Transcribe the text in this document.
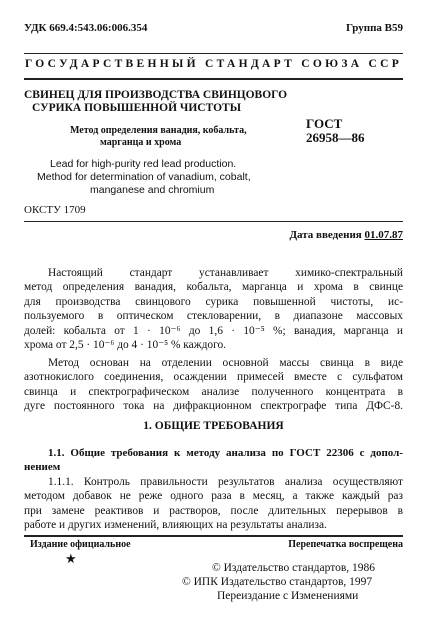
УДК 669.4:543.06:006.354	Группа В59
ГОСУДАРСТВЕННЫЙ СТАНДАРТ СОЮЗА ССР
СВИНЕЦ ДЛЯ ПРОИЗВОДСТВА СВИНЦОВОГО
СУРИКА ПОВЫШЕННОЙ ЧИСТОТЫ
Метод определения ванадия, кобальта,
марганца и хрома
ГОСТ
26958—86
Lead for high-purity red lead production.
Method for determination of vanadium, cobalt,
manganese and chromium
ОКСТУ 1709
Дата введения 01.07.87
Настоящий стандарт устанавливает химико-спектральный
метод определения ванадия, кобальта, марганца и хрома в свинце
для производства свинцового сурика повышенной чистоты, ис-
пользуемого в оптическом стекловарении, в диапазоне массовых
долей: кобальта от 1 · 10⁻⁶ до 1,6 · 10⁻⁵ %; ванадия, марганца и
хрома от 2,5 · 10⁻⁶ до 4 · 10⁻⁵ % каждого.
Метод основан на отделении основной массы свинца в виде
азотнокислого соединения, осаждении примесей вместе с сульфатом
свинца и спектрографическом анализе полученного концентрата в
дуге постоянного тока на дифракционном спектрографе типа ДФС-8.
1. ОБЩИЕ ТРЕБОВАНИЯ
1.1. Общие требования к методу анализа по ГОСТ 22306 с допол-
нением
1.1.1. Контроль правильности результатов анализа осуществляют
методом добавок не реже одного раза в месяц, а также каждый раз
при замене реактивов и растворов, после длительных перерывов в
работе и других изменений, влияющих на результаты анализа.
Издание официальное	Перепечатка воспрещена
★
© Издательство стандартов, 1986
© ИПК Издательство стандартов, 1997
Переиздание с Изменениями
